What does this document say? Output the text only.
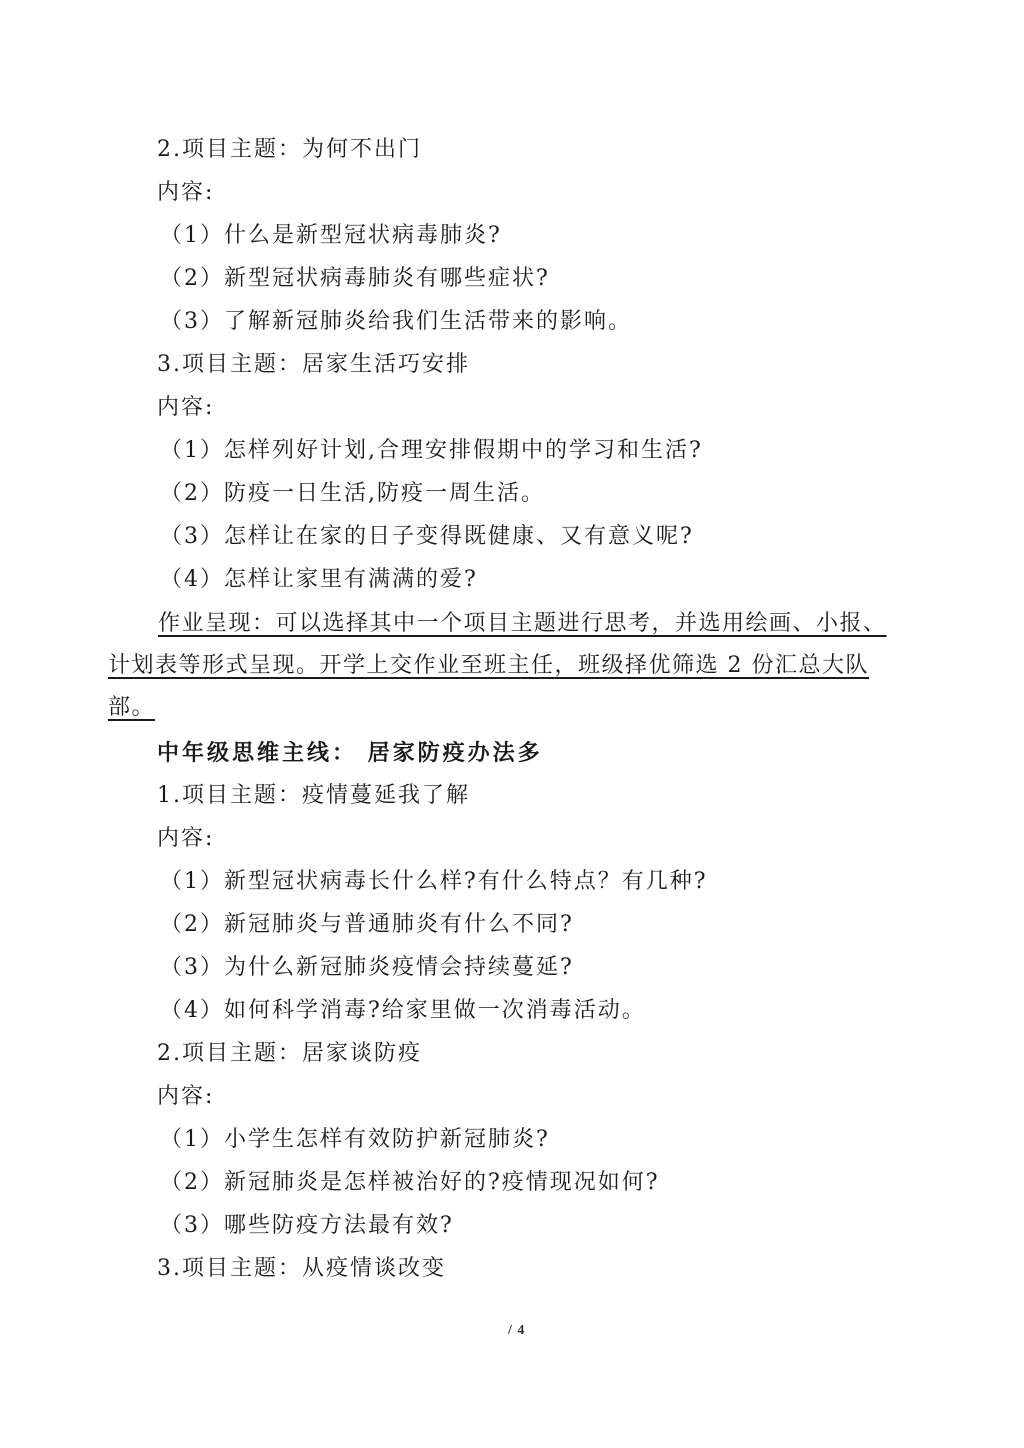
2.项目主题：为何不出门
内容:
（1）什么是新型冠状病毒肺炎?
（2）新型冠状病毒肺炎有哪些症状?
（3）了解新冠肺炎给我们生活带来的影响。
3.项目主题：居家生活巧安排
内容:
（1）怎样列好计划,合理安排假期中的学习和生活?
（2）防疫一日生活,防疫一周生活。
（3）怎样让在家的日子变得既健康、又有意义呢?
（4）怎样让家里有满满的爱?
作业呈现：可以选择其中一个项目主题进行思考，并选用绘画、小报、
计划表等形式呈现。开学上交作业至班主任，班级择优筛选 2 份汇总大队
部。
中年级思维主线： 居家防疫办法多
1.项目主题：疫情蔓延我了解
内容:
（1）新型冠状病毒长什么样?有什么特点？有几种?
（2）新冠肺炎与普通肺炎有什么不同?
（3）为什么新冠肺炎疫情会持续蔓延?
（4）如何科学消毒?给家里做一次消毒活动。
2.项目主题：居家谈防疫
内容:
（1）小学生怎样有效防护新冠肺炎?
（2）新冠肺炎是怎样被治好的?疫情现况如何?
（3）哪些防疫方法最有效?
3.项目主题：从疫情谈改变
/ 4
